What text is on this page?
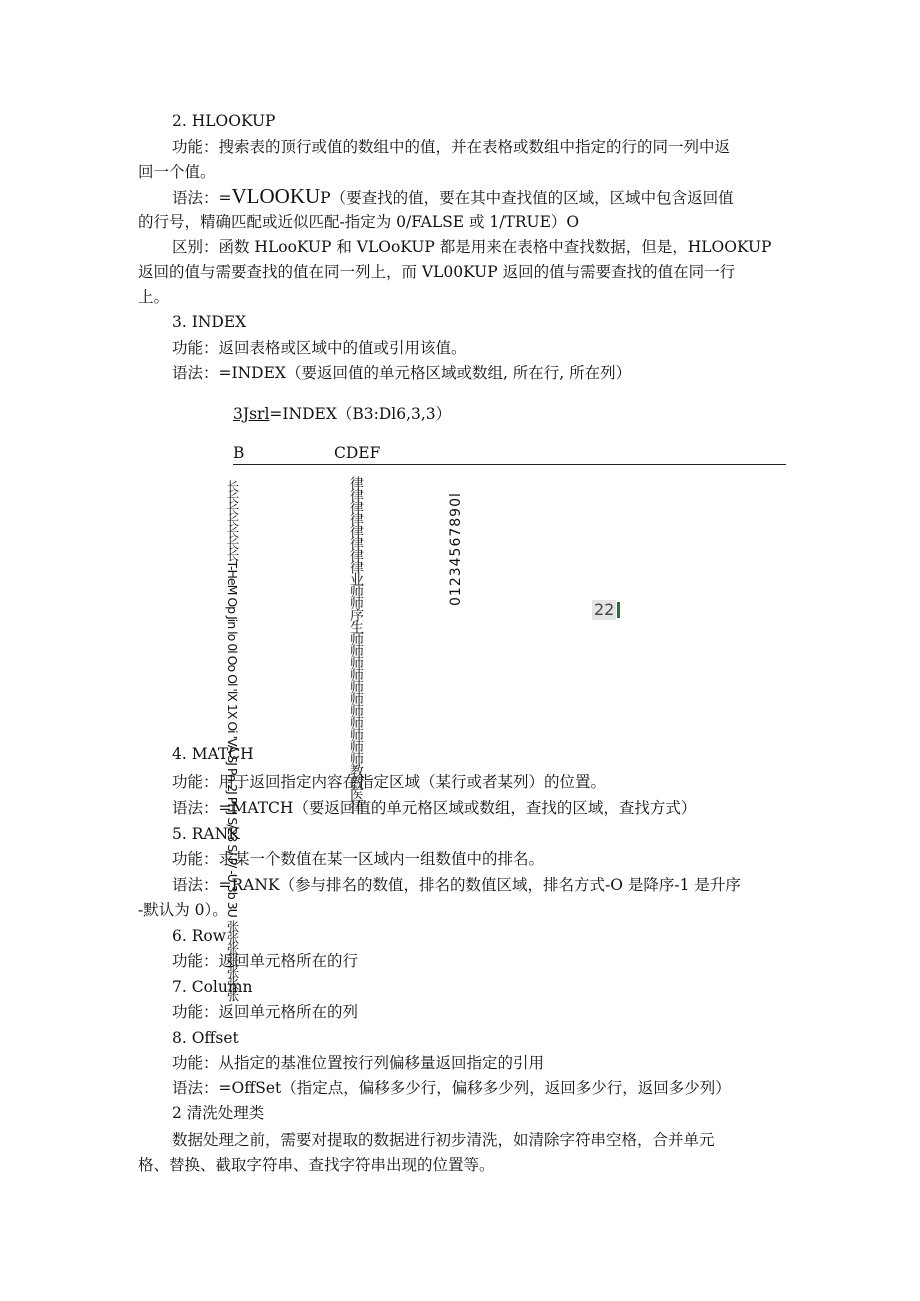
2. HLOOKUP
功能：搜索表的顶行或值的数组中的值，并在表格或数组中指定的行的同一列中返
回一个值。
语法：=VLOOKUP（要查找的值，要在其中查找值的区域，区域中包含返回值
的行号，精确匹配或近似匹配-指定为 0/FALSE 或 1/TRUE）O
区别：函数 HLooKUP 和 VLOoKUP 都是用来在表格中查找数据，但是，HLOOKUP
返回的值与需要查找的值在同一列上，而 VL00KUP 返回的值与需要查找的值在同一行
上。
3. INDEX
功能：返回表格或区域中的值或引用该值。
语法：=INDEX（要返回值的单元格区域或数组, 所在行, 所在列）
3Jsrl=INDEX（B3:Dl6,3,3）
B	CDEF
长长长长长长长T-HeM Op Jin lo 0l Oo Ol 'lX 1X Oi 'VA SJ Pn 2J PHJ S/23 S/ P/ -U 3b 3U 张张张张张张张	律律律律律律律律业师师序生师师师师师师师师师师师教教医律	01234567890l
22
4. MATCH
功能：用于返回指定内容在指定区域（某行或者某列）的位置。
语法：=MATCH（要返回值的单元格区域或数组，查找的区域，查找方式）
5. RANK
功能：求某一个数值在某一区域内一组数值中的排名。
语法：=RANK（参与排名的数值，排名的数值区域，排名方式-O 是降序-1 是升序
-默认为 0）。
6. Row
功能：返回单元格所在的行
7. Column
功能：返回单元格所在的列
8. Offset
功能：从指定的基准位置按行列偏移量返回指定的引用
语法：=OffSet（指定点，偏移多少行，偏移多少列，返回多少行，返回多少列）
2 清洗处理类
数据处理之前，需要对提取的数据进行初步清洗，如清除字符串空格，合并单元
格、替换、截取字符串、查找字符串出现的位置等。
